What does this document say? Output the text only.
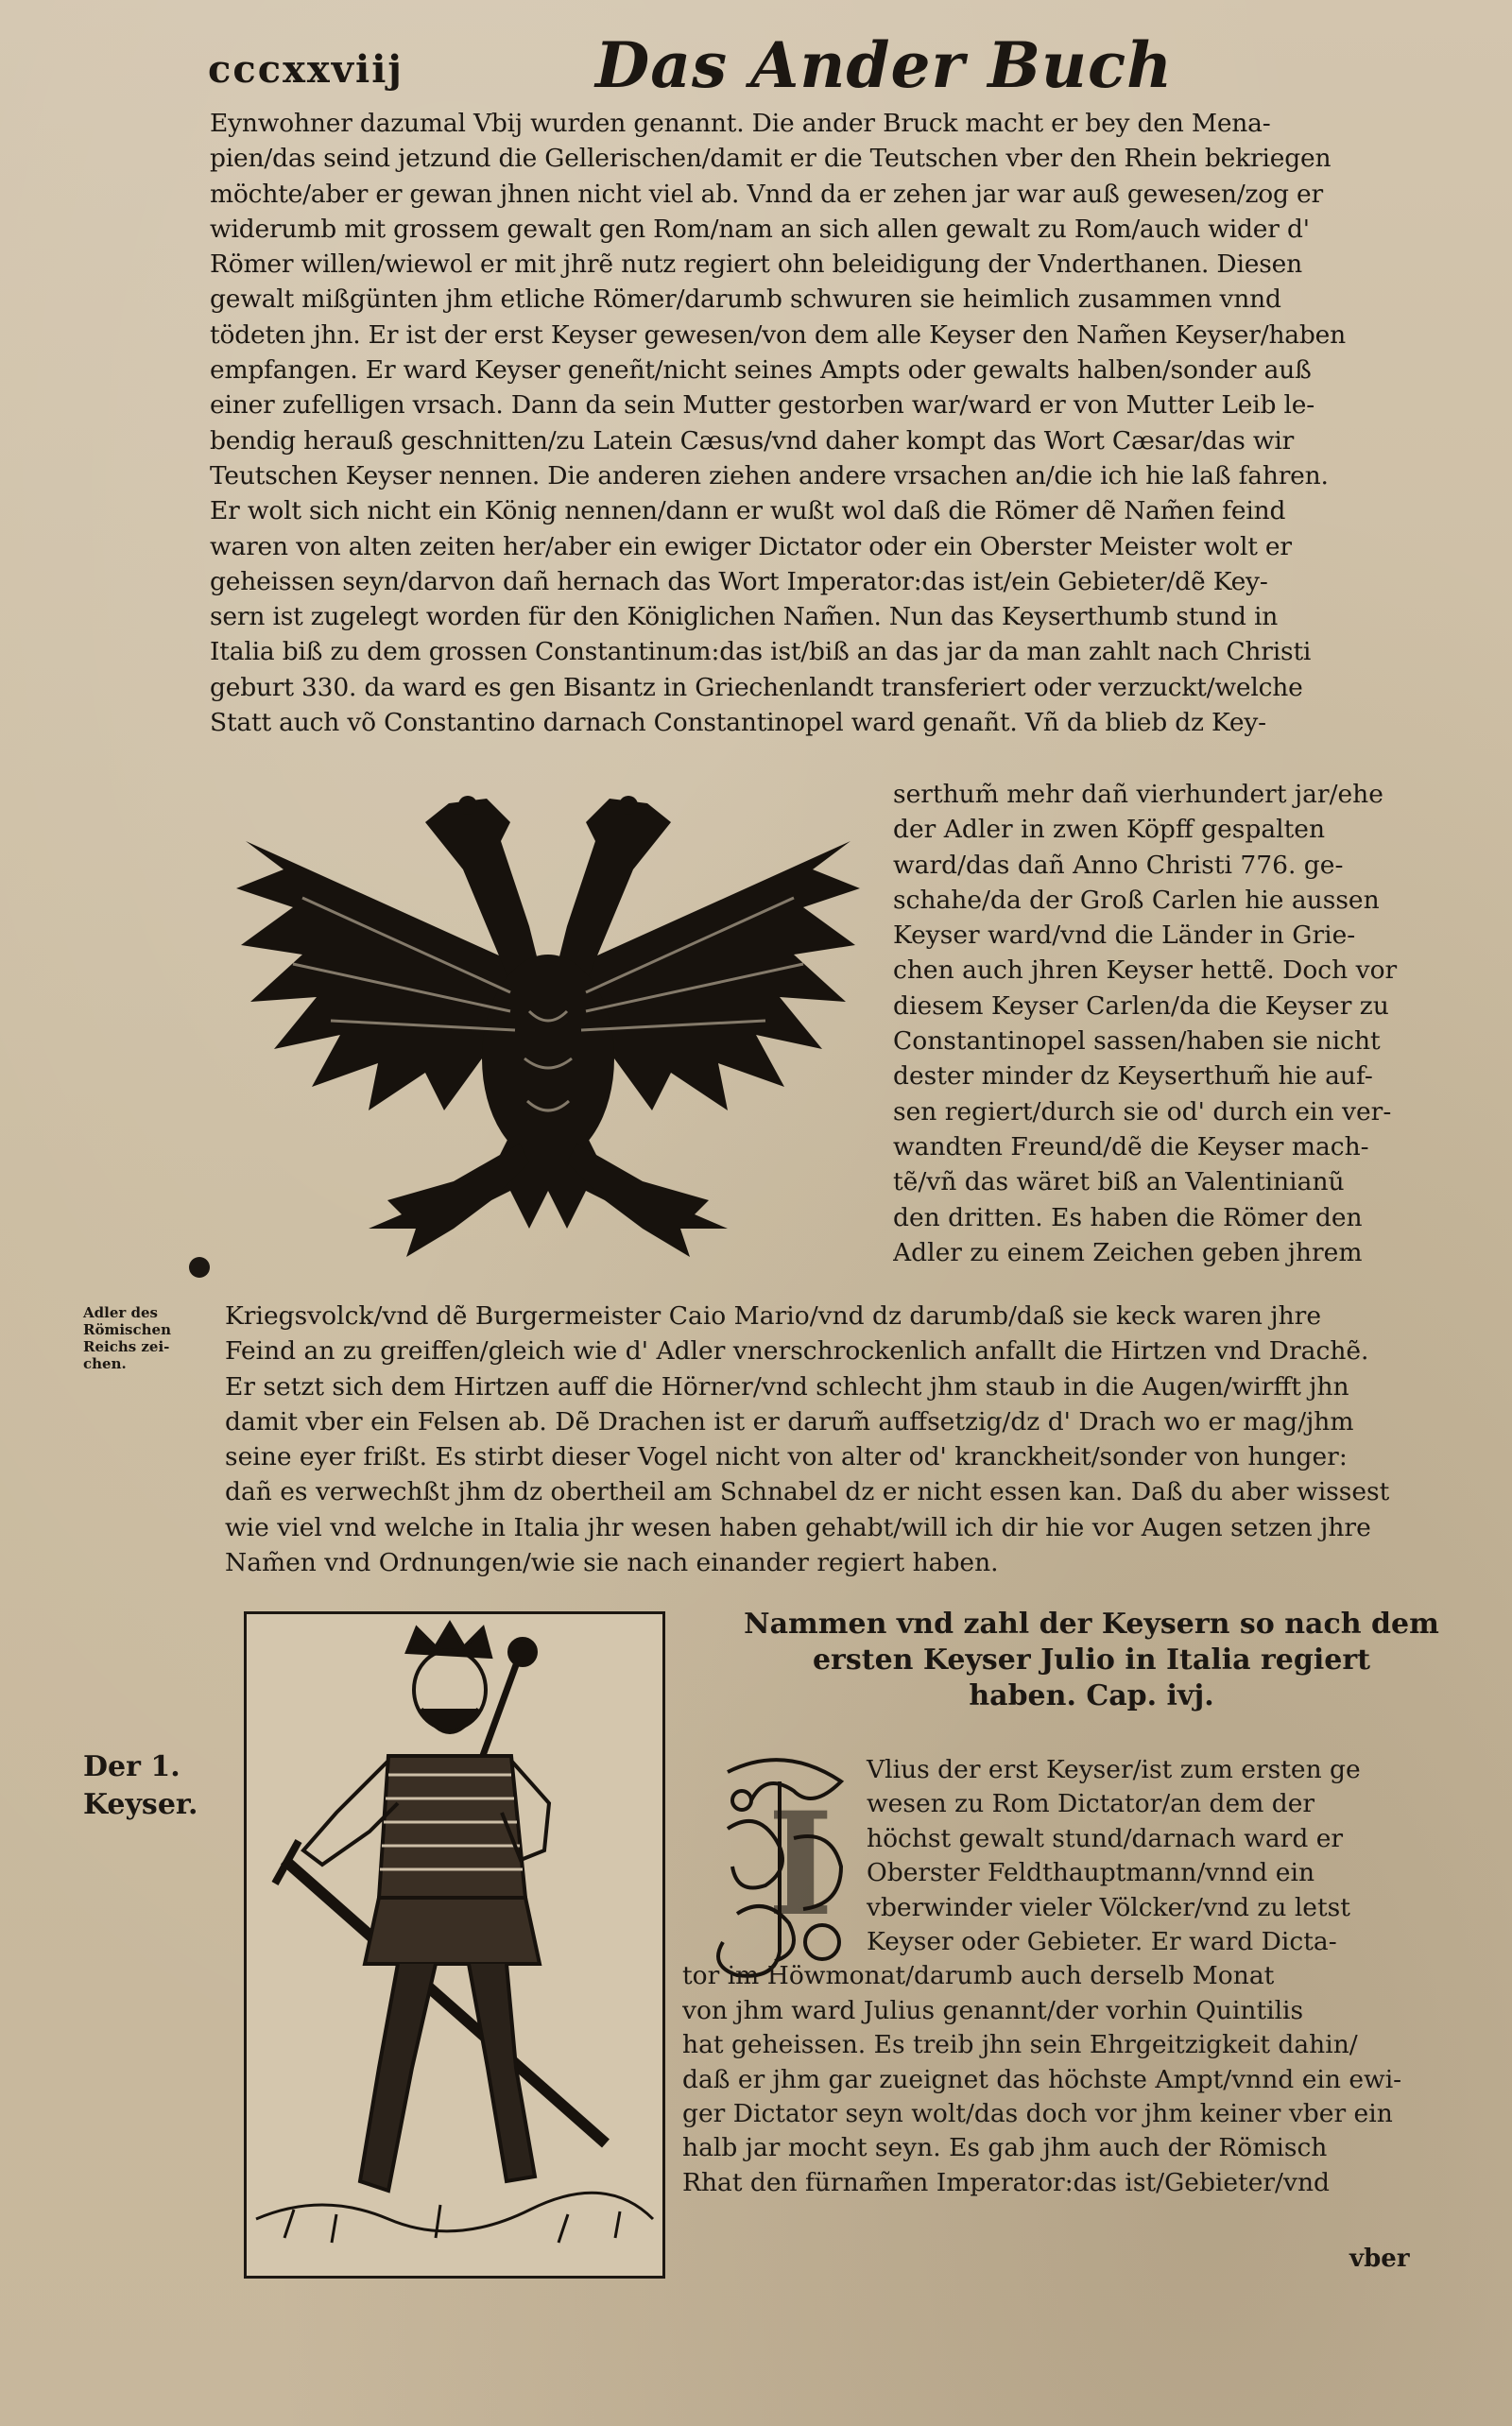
cccxxviij	Das Ander Buch
Eynwohner dazumal Vbij wurden genannt. Die ander Bruck macht er bey den Mena-
pien/das seind jetzund die Gellerischen/damit er die Teutschen vber den Rhein bekriegen
möchte/aber er gewan jhnen nicht viel ab. Vnnd da er zehen jar war auß gewesen/zog er
widerumb mit grossem gewalt gen Rom/nam an sich allen gewalt zu Rom/auch wider d'
Römer willen/wiewol er mit jhrẽ nutz regiert ohn beleidigung der Vnderthanen. Diesen
gewalt mißgünten jhm etliche Römer/darumb schwuren sie heimlich zusammen vnnd
tödeten jhn. Er ist der erst Keyser gewesen/von dem alle Keyser den Nam̃en Keyser/haben
empfangen. Er ward Keyser geneñt/nicht seines Ampts oder gewalts halben/sonder auß
einer zufelligen vrsach. Dann da sein Mutter gestorben war/ward er von Mutter Leib le-
bendig herauß geschnitten/zu Latein Cæsus/vnd daher kompt das Wort Cæsar/das wir
Teutschen Keyser nennen. Die anderen ziehen andere vrsachen an/die ich hie laß fahren.
Er wolt sich nicht ein König nennen/dann er wußt wol daß die Römer dẽ Nam̃en feind
waren von alten zeiten her/aber ein ewiger Dictator oder ein Oberster Meister wolt er
geheissen seyn/darvon dañ hernach das Wort Imperator:das ist/ein Gebieter/dẽ Key-
sern ist zugelegt worden für den Königlichen Nam̃en. Nun das Keyserthumb stund in
Italia biß zu dem grossen Constantinum:das ist/biß an das jar da man zahlt nach Christi
geburt 330. da ward es gen Bisantz in Griechenlandt transferiert oder verzuckt/welche
Statt auch võ Constantino darnach Constantinopel ward genañt. Vñ da blieb dz Key-
serthum̃ mehr dañ vierhundert jar/ehe
der Adler in zwen Köpff gespalten
ward/das dañ Anno Christi 776. ge-
schahe/da der Groß Carlen hie aussen
Keyser ward/vnd die Länder in Grie-
chen auch jhren Keyser hettẽ. Doch vor
diesem Keyser Carlen/da die Keyser zu
Constantinopel sassen/haben sie nicht
dester minder dz Keyserthum̃ hie auf-
sen regiert/durch sie od' durch ein ver-
wandten Freund/dẽ die Keyser mach-
tẽ/vñ das wäret biß an Valentinianũ
den dritten. Es haben die Römer den
Adler zu einem Zeichen geben jhrem
Adler des
Römischen
Reichs zei-
chen.
Kriegsvolck/vnd dẽ Burgermeister Caio Mario/vnd dz darumb/daß sie keck waren jhre
Feind an zu greiffen/gleich wie d' Adler vnerschrockenlich anfallt die Hirtzen vnd Drachẽ.
Er setzt sich dem Hirtzen auff die Hörner/vnd schlecht jhm staub in die Augen/wirfft jhn
damit vber ein Felsen ab. Dẽ Drachen ist er darum̃ auffsetzig/dz d' Drach wo er mag/jhm
seine eyer frißt. Es stirbt dieser Vogel nicht von alter od' kranckheit/sonder von hunger:
dañ es verwechßt jhm dz obertheil am Schnabel dz er nicht essen kan. Daß du aber wissest
wie viel vnd welche in Italia jhr wesen haben gehabt/will ich dir hie vor Augen setzen jhre
Nam̃en vnd Ordnungen/wie sie nach einander regiert haben.
Der 1.
Keyser.
Nammen vnd zahl der Keysern so nach dem
ersten Keyser Julio in Italia regiert
haben. Cap. ivj.
I
Vlius der erst Keyser/ist zum ersten ge
wesen zu Rom Dictator/an dem der
höchst gewalt stund/darnach ward er
Oberster Feldthauptmann/vnnd ein
vberwinder vieler Völcker/vnd zu letst
Keyser oder Gebieter. Er ward Dicta-
tor im Höwmonat/darumb auch derselb Monat
von jhm ward Julius genannt/der vorhin Quintilis
hat geheissen. Es treib jhn sein Ehrgeitzigkeit dahin/
daß er jhm gar zueignet das höchste Ampt/vnnd ein ewi-
ger Dictator seyn wolt/das doch vor jhm keiner vber ein
halb jar mocht seyn. Es gab jhm auch der Römisch
Rhat den fürnam̃en Imperator:das ist/Gebieter/vnd
vber
